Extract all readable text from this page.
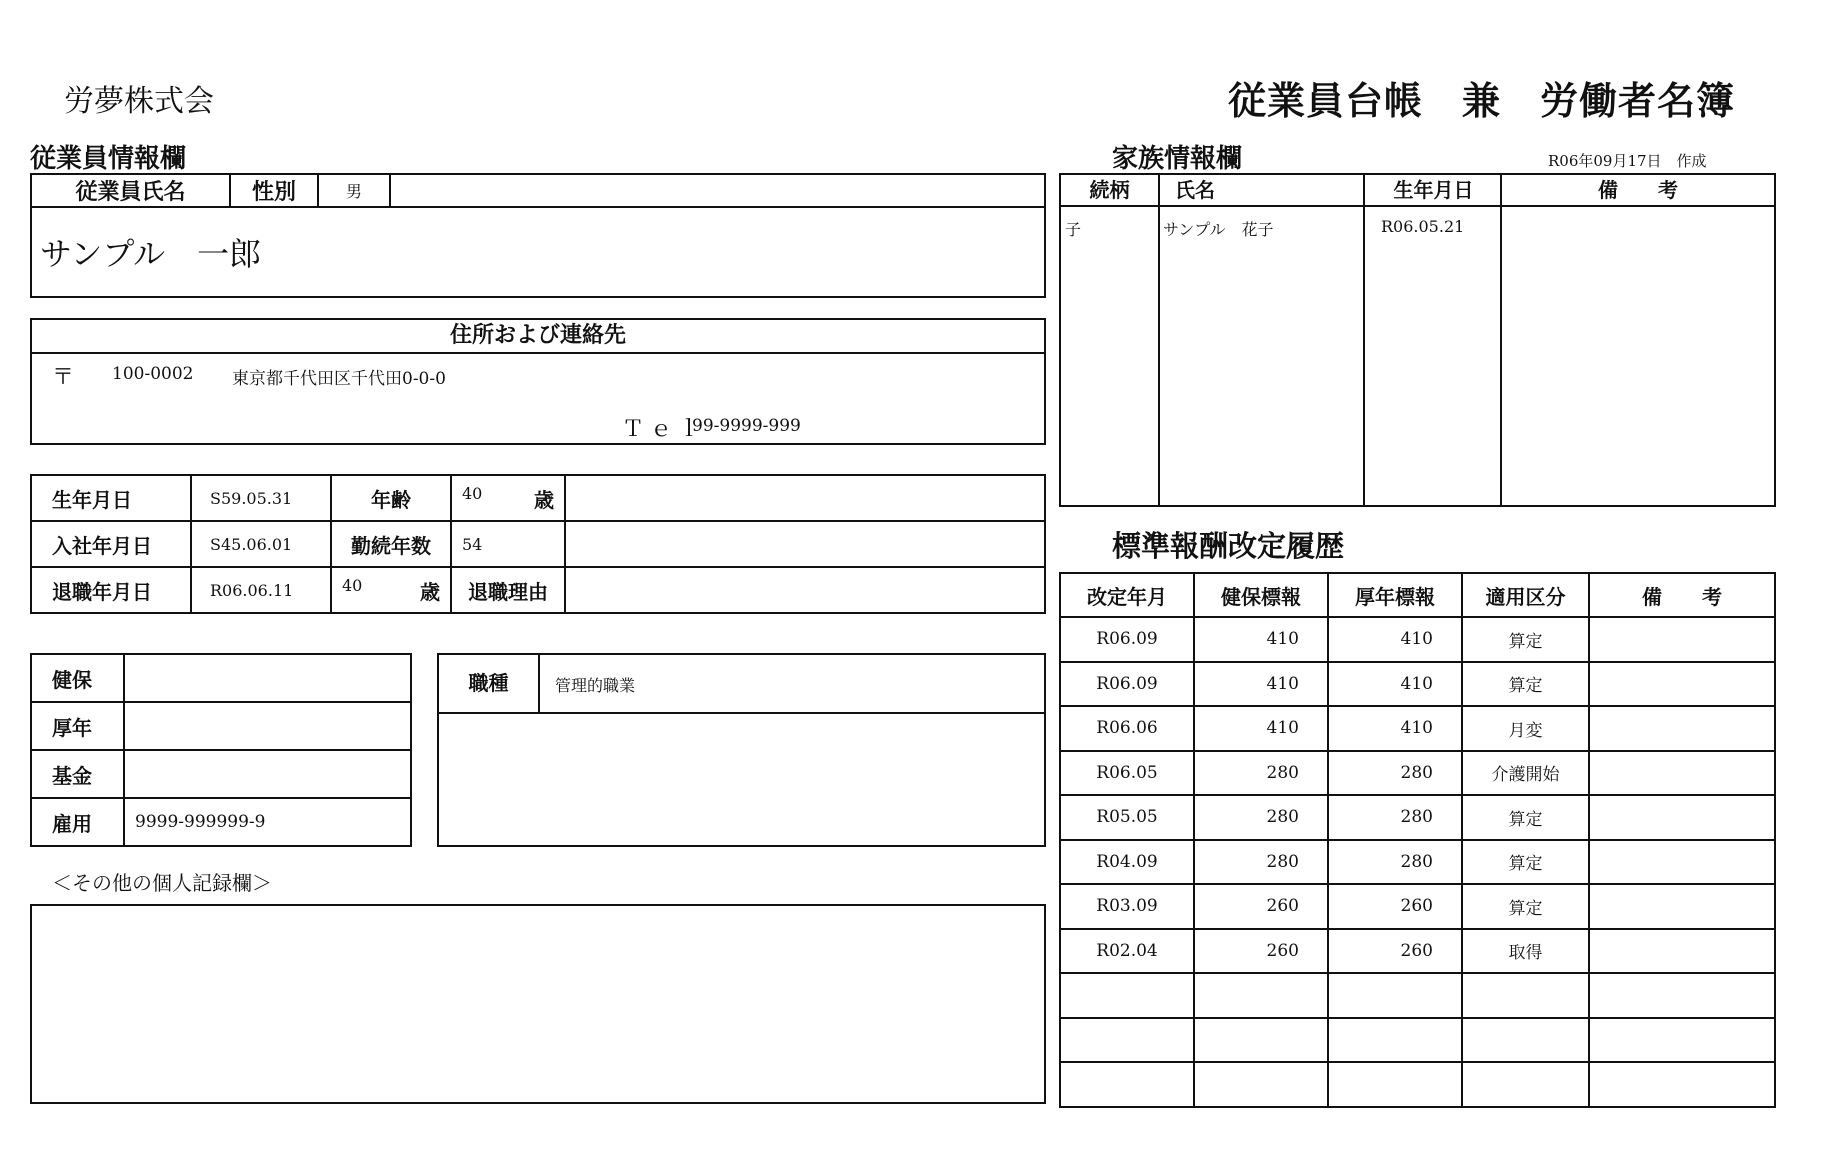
労夢株式会	従業員台帳　兼　労働者名簿
従業員情報欄
従業員氏名	性別	男	
サンプル　一郎
住所および連絡先
〒 100-0002 東京都千代田区千代田0-0-0
Ｔｅｌ
99-9999-999
生年月日	S59.05.31	年齢	40 歳	

入社年月日	S45.06.01	勤続年数	54	
退職年月日	R06.06.11	40 歳	退職理由	
健保	
厚年	
基金	
雇用	9999-999999-9
職種	管理的職業
＜その他の個人記録欄＞
家族情報欄	R06年09月17日　作成
続柄	氏名	生年月日	備　　考
子	サンプル　花子	R06.05.21
標準報酬改定履歴
改定年月	健保標報	厚年標報	適用区分	備　　考
R06.09	410	410	算定	
R06.09	410	410	算定	
R06.06	410	410	月変	
R06.05	280	280	介護開始	
R05.05	280	280	算定	
R04.09	280	280	算定	
R03.09	260	260	算定	
R02.04	260	260	取得	
